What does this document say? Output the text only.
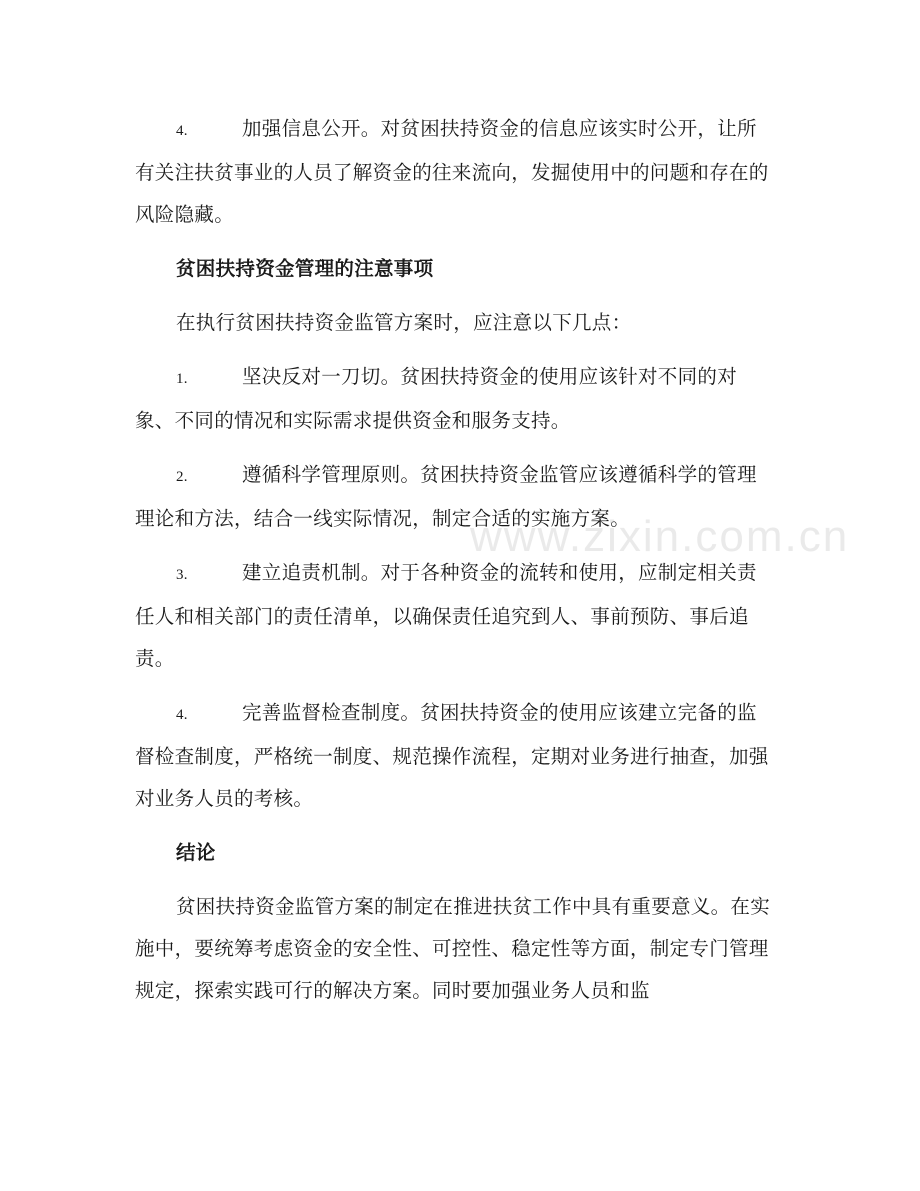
4.	加强信息公开。对贫困扶持资金的信息应该实时公开，让所有关注扶贫事业的人员了解资金的往来流向，发掘使用中的问题和存在的风险隐藏。

贫困扶持资金管理的注意事项

在执行贫困扶持资金监管方案时，应注意以下几点：

1.	坚决反对一刀切。贫困扶持资金的使用应该针对不同的对象、不同的情况和实际需求提供资金和服务支持。

2.	遵循科学管理原则。贫困扶持资金监管应该遵循科学的管理理论和方法，结合一线实际情况，制定合适的实施方案。

3.	建立追责机制。对于各种资金的流转和使用，应制定相关责任人和相关部门的责任清单，以确保责任追究到人、事前预防、事后追责。

4.	完善监督检查制度。贫困扶持资金的使用应该建立完备的监督检查制度，严格统一制度、规范操作流程，定期对业务进行抽查，加强对业务人员的考核。

结论

贫困扶持资金监管方案的制定在推进扶贫工作中具有重要意义。在实施中，要统筹考虑资金的安全性、可控性、稳定性等方面，制定专门管理规定，探索实践可行的解决方案。同时要加强业务人员和监

www.zixin.com.cn
